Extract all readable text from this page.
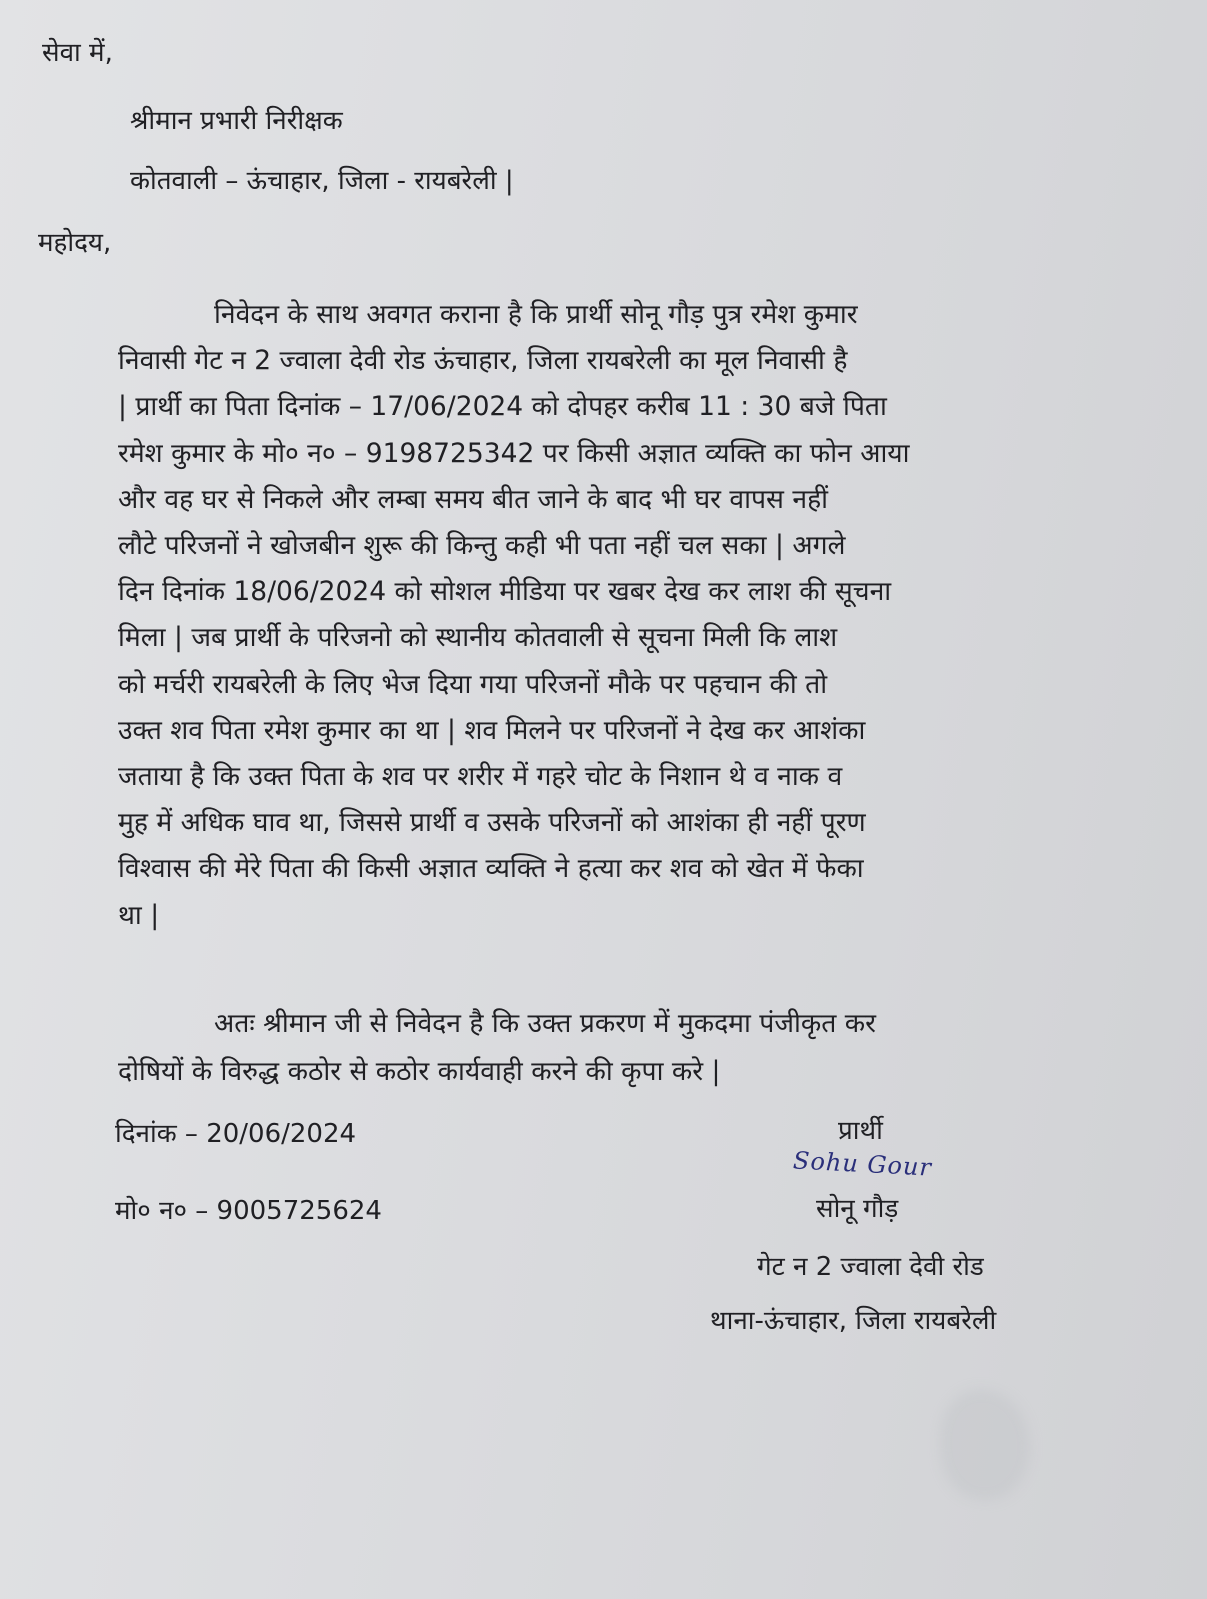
सेवा में,
श्रीमान प्रभारी निरीक्षक
कोतवाली – ऊंचाहार, जिला - रायबरेली |
महोदय,
निवेदन के साथ अवगत कराना है कि प्रार्थी सोनू गौड़ पुत्र रमेश कुमार
निवासी गेट न 2 ज्वाला देवी रोड ऊंचाहार, जिला रायबरेली का मूल निवासी है
| प्रार्थी का पिता दिनांक – 17/06/2024 को दोपहर करीब 11 : 30 बजे पिता
रमेश कुमार के मो० न० – 9198725342 पर किसी अज्ञात व्यक्ति का फोन आया
और वह घर से निकले और लम्बा समय बीत जाने के बाद भी घर वापस नहीं
लौटे परिजनों ने खोजबीन शुरू की किन्तु कही भी पता नहीं चल सका | अगले
दिन दिनांक 18/06/2024 को सोशल मीडिया पर खबर देख कर लाश की सूचना
मिला | जब प्रार्थी के परिजनो को स्थानीय कोतवाली से सूचना मिली कि लाश
को मर्चरी रायबरेली के लिए भेज दिया गया परिजनों मौके पर पहचान की तो
उक्त शव पिता रमेश कुमार का था | शव मिलने पर परिजनों ने देख कर आशंका
जताया है कि उक्त पिता के शव पर शरीर में गहरे चोट के निशान थे व नाक व
मुह में अधिक घाव था, जिससे प्रार्थी व उसके परिजनों को आशंका ही नहीं पूरण
विश्वास की मेरे पिता की किसी अज्ञात व्यक्ति ने हत्या कर शव को खेत में फेका
था |
अतः श्रीमान जी से निवेदन है कि उक्त प्रकरण में मुकदमा पंजीकृत कर
दोषियों के विरुद्ध कठोर से कठोर कार्यवाही करने की कृपा करे |
दिनांक – 20/06/2024
मो० न० – 9005725624
प्रार्थी
Sohu Gour
सोनू गौड़
गेट न 2 ज्वाला देवी रोड
थाना-ऊंचाहार, जिला रायबरेली
